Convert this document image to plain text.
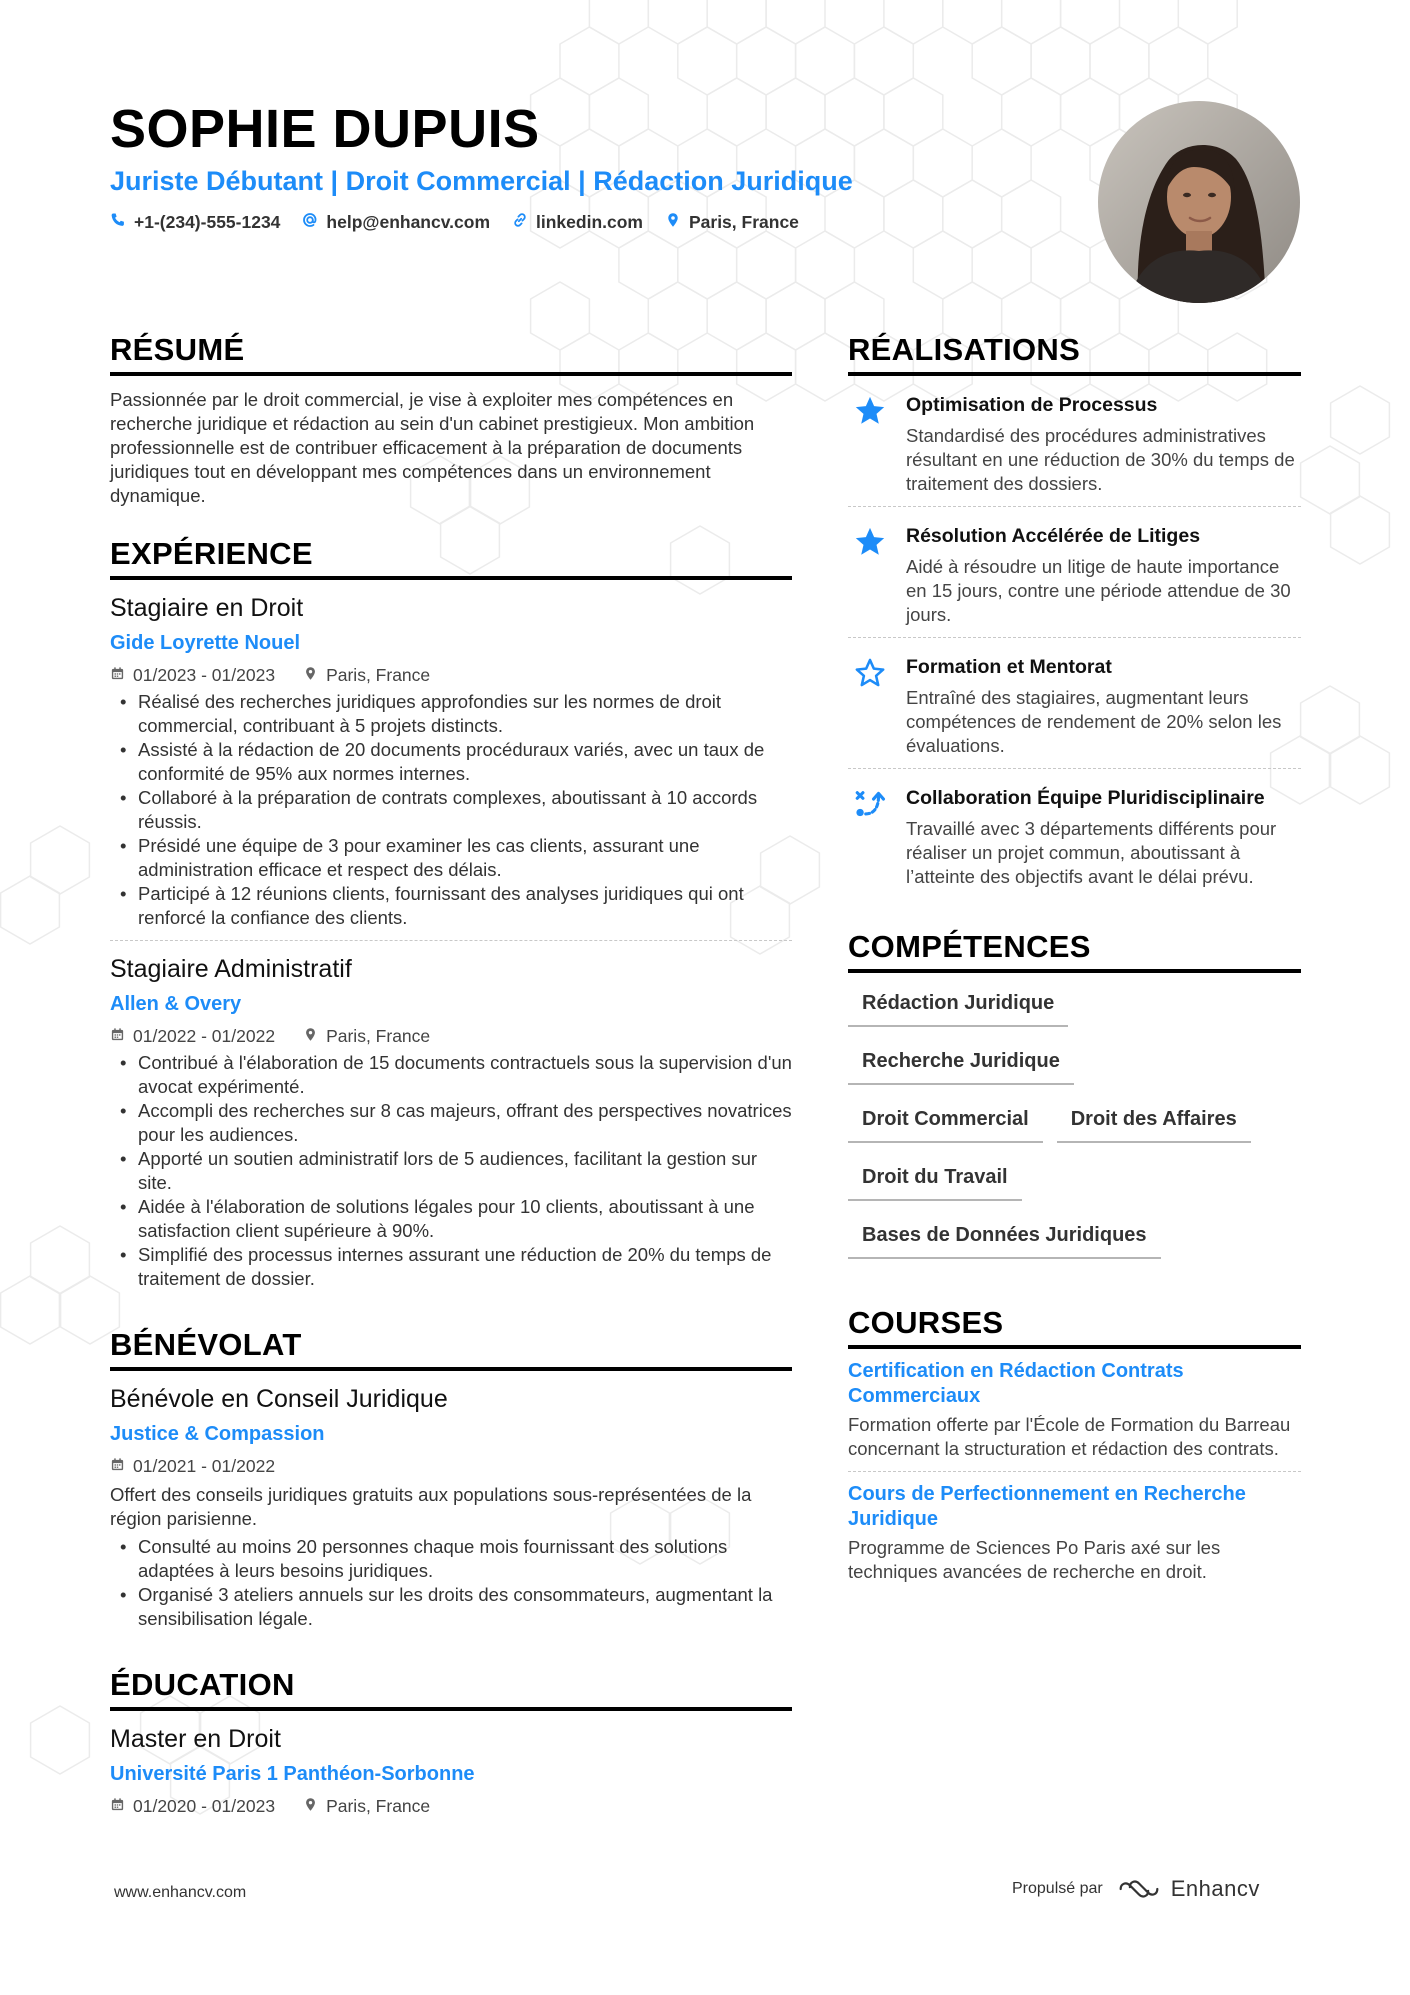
SOPHIE DUPUIS
Juriste Débutant | Droit Commercial | Rédaction Juridique
+1-(234)-555-1234	help@enhancv.com	linkedin.com	Paris, France
RÉSUMÉ
Passionnée par le droit commercial, je vise à exploiter mes compétences en recherche juridique et rédaction au sein d'un cabinet prestigieux. Mon ambition professionnelle est de contribuer efficacement à la préparation de documents juridiques tout en développant mes compétences dans un environnement dynamique.
EXPÉRIENCE
Stagiaire en Droit
Gide Loyrette Nouel
01/2023 - 01/2023	Paris, France
• Réalisé des recherches juridiques approfondies sur les normes de droit commercial, contribuant à 5 projets distincts.
• Assisté à la rédaction de 20 documents procéduraux variés, avec un taux de conformité de 95% aux normes internes.
• Collaboré à la préparation de contrats complexes, aboutissant à 10 accords réussis.
• Présidé une équipe de 3 pour examiner les cas clients, assurant une administration efficace et respect des délais.
• Participé à 12 réunions clients, fournissant des analyses juridiques qui ont renforcé la confiance des clients.
Stagiaire Administratif
Allen & Overy
01/2022 - 01/2022	Paris, France
• Contribué à l'élaboration de 15 documents contractuels sous la supervision d'un avocat expérimenté.
• Accompli des recherches sur 8 cas majeurs, offrant des perspectives novatrices pour les audiences.
• Apporté un soutien administratif lors de 5 audiences, facilitant la gestion sur site.
• Aidée à l'élaboration de solutions légales pour 10 clients, aboutissant à une satisfaction client supérieure à 90%.
• Simplifié des processus internes assurant une réduction de 20% du temps de traitement de dossier.
BÉNÉVOLAT
Bénévole en Conseil Juridique
Justice & Compassion
01/2021 - 01/2022
Offert des conseils juridiques gratuits aux populations sous-représentées de la région parisienne.
• Consulté au moins 20 personnes chaque mois fournissant des solutions adaptées à leurs besoins juridiques.
• Organisé 3 ateliers annuels sur les droits des consommateurs, augmentant la sensibilisation légale.
ÉDUCATION
Master en Droit
Université Paris 1 Panthéon-Sorbonne
01/2020 - 01/2023	Paris, France
RÉALISATIONS
Optimisation de Processus
Standardisé des procédures administratives résultant en une réduction de 30% du temps de traitement des dossiers.
Résolution Accélérée de Litiges
Aidé à résoudre un litige de haute importance en 15 jours, contre une période attendue de 30 jours.
Formation et Mentorat
Entraîné des stagiaires, augmentant leurs compétences de rendement de 20% selon les évaluations.
Collaboration Équipe Pluridisciplinaire
Travaillé avec 3 départements différents pour réaliser un projet commun, aboutissant à l’atteinte des objectifs avant le délai prévu.
COMPÉTENCES
Rédaction Juridique
Recherche Juridique
Droit Commercial	Droit des Affaires
Droit du Travail
Bases de Données Juridiques
COURSES
Certification en Rédaction Contrats Commerciaux
Formation offerte par l'École de Formation du Barreau concernant la structuration et rédaction des contrats.
Cours de Perfectionnement en Recherche Juridique
Programme de Sciences Po Paris axé sur les techniques avancées de recherche en droit.
www.enhancv.com	Propulsé par	Enhancv
